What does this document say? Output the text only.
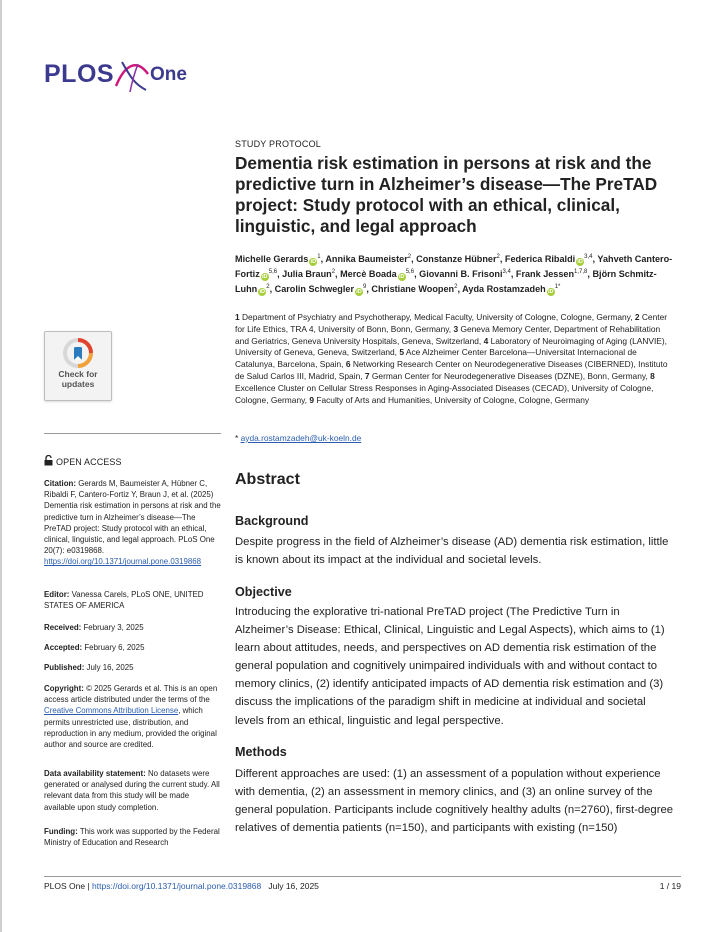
PLOS One
Check for
updates
OPEN ACCESS
Citation: Gerards M, Baumeister A, Hübner C, Ribaldi F, Cantero-Fortiz Y, Braun J, et al. (2025) Dementia risk estimation in persons at risk and the predictive turn in Alzheimer’s disease—The PreTAD project: Study protocol with an ethical, clinical, linguistic, and legal approach. PLoS One 20(7): e0319868. https://doi.org/10.1371/journal.pone.0319868
Editor: Vanessa Carels, PLoS ONE, UNITED STATES OF AMERICA
Received: February 3, 2025
Accepted: February 6, 2025
Published: July 16, 2025
Copyright: © 2025 Gerards et al. This is an open access article distributed under the terms of the Creative Commons Attribution License, which permits unrestricted use, distribution, and reproduction in any medium, provided the original author and source are credited.
Data availability statement: No datasets were generated or analysed during the current study. All relevant data from this study will be made available upon study completion.
Funding: This work was supported by the Federal Ministry of Education and Research
STUDY PROTOCOL
Dementia risk estimation in persons at risk and the predictive turn in Alzheimer’s disease—The PreTAD project: Study protocol with an ethical, clinical, linguistic, and legal approach
Michelle Gerards $iD^1$, Annika Baumeister$^2$, Constanze Hübner$^2$, Federica Ribaldi iD$^{3,4}$, Yahveth Cantero-Fortiz iD$^{5,6}$, Julia Braun$^2$, Mercè Boada iD$^{5,6}$, Giovanni B. Frisoni$^{3,4}$, Frank Jessen$^{1,7,8}$, Björn Schmitz-Luhn $iD^2$, Carolin Schwegler $iD^9$, Christiane Woopen$^2$, Ayda Rostamzadeh $iD^{1*}$
1 Department of Psychiatry and Psychotherapy, Medical Faculty, University of Cologne, Cologne, Germany, 2 Center for Life Ethics, TRA 4, University of Bonn, Bonn, Germany, 3 Geneva Memory Center, Department of Rehabilitation and Geriatrics, Geneva University Hospitals, Geneva, Switzerland, 4 Laboratory of Neuroimaging of Aging (LANVIE), University of Geneva, Geneva, Switzerland, 5 Ace Alzheimer Center Barcelona—Universitat Internacional de Catalunya, Barcelona, Spain, 6 Networking Research Center on Neurodegenerative Diseases (CIBERNED), Instituto de Salud Carlos III, Madrid, Spain, 7 German Center for Neurodegenerative Diseases (DZNE), Bonn, Germany, 8 Excellence Cluster on Cellular Stress Responses in Aging-Associated Diseases (CECAD), University of Cologne, Cologne, Germany, 9 Faculty of Arts and Humanities, University of Cologne, Cologne, Germany
* ayda.rostamzadeh@uk-koeln.de
Abstract
Background
Despite progress in the field of Alzheimer’s disease (AD) dementia risk estimation, little is known about its impact at the individual and societal levels.
Objective
Introducing the explorative tri-national PreTAD project (The Predictive Turn in Alzheimer’s Disease: Ethical, Clinical, Linguistic and Legal Aspects), which aims to (1) learn about attitudes, needs, and perspectives on AD dementia risk estimation of the general population and cognitively unimpaired individuals with and without contact to memory clinics, (2) identify anticipated impacts of AD dementia risk estimation and (3) discuss the implications of the paradigm shift in medicine at individual and societal levels from an ethical, linguistic and legal perspective.
Methods
Different approaches are used: (1) an assessment of a population without experience with dementia, (2) an assessment in memory clinics, and (3) an online survey of the general population. Participants include cognitively healthy adults (n=2760), first-degree relatives of dementia patients (n=150), and participants with existing (n=150)
PLOS One | https://doi.org/10.1371/journal.pone.0319868 July 16, 2025	1 / 19
